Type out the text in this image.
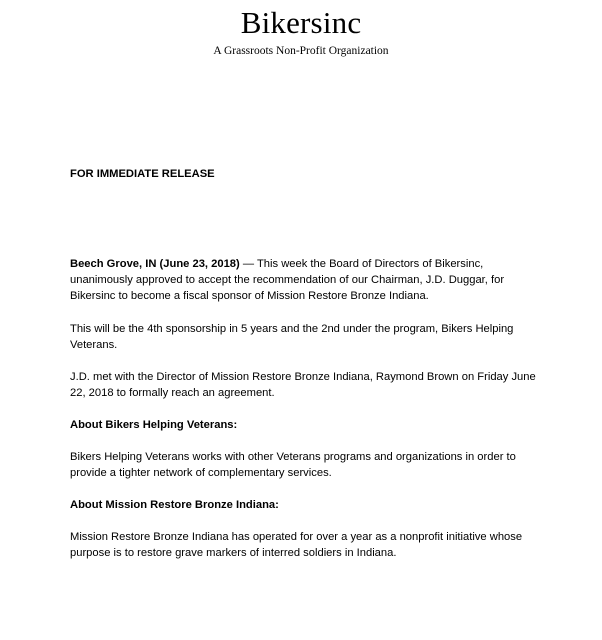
Bikersinc
A Grassroots Non-Profit Organization
FOR IMMEDIATE RELEASE
Beech Grove, IN (June 23, 2018) — This week the Board of Directors of Bikersinc, unanimously approved to accept the recommendation of our Chairman, J.D. Duggar, for Bikersinc to become a fiscal sponsor of Mission Restore Bronze Indiana.
This will be the 4th sponsorship in 5 years and the 2nd under the program, Bikers Helping Veterans.
J.D. met with the Director of Mission Restore Bronze Indiana, Raymond Brown on Friday June 22, 2018 to formally reach an agreement.
About Bikers Helping Veterans:
Bikers Helping Veterans works with other Veterans programs and organizations in order to provide a tighter network of complementary services.
About Mission Restore Bronze Indiana:
Mission Restore Bronze Indiana has operated for over a year as a nonprofit initiative whose purpose is to restore grave markers of interred soldiers in Indiana.
